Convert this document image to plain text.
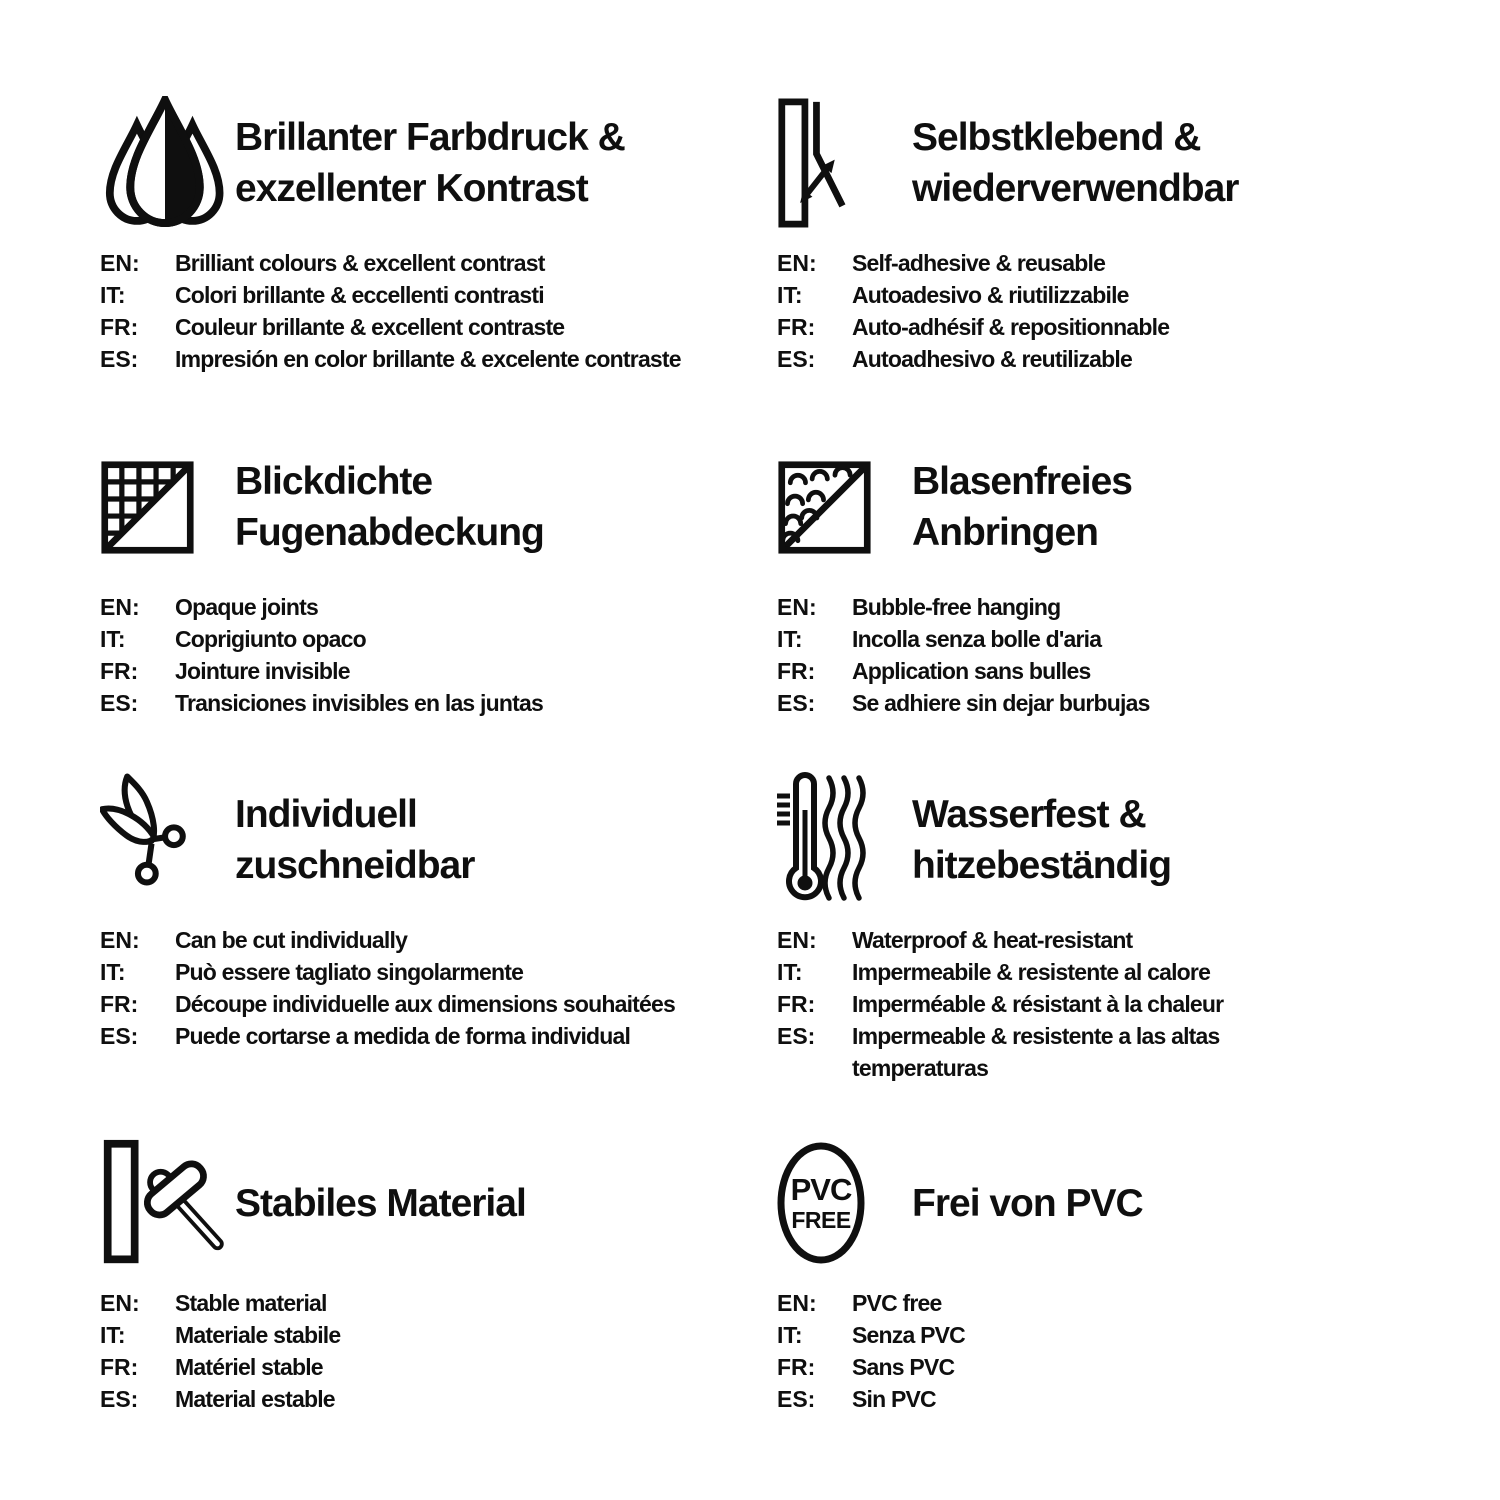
Brillanter Farbdruck &
exzellenter Kontrast
EN:	Brilliant colours & excellent contrast
IT:	Colori brillante & eccellenti contrasti
FR:	Couleur brillante & excellent contraste
ES:	Impresión en color brillante & excelente contraste
Selbstklebend &
wiederverwendbar
EN:	Self-adhesive & reusable
IT:	Autoadesivo & riutilizzabile
FR:	Auto-adhésif & repositionnable
ES:	Autoadhesivo & reutilizable
Blickdichte
Fugenabdeckung
EN:	Opaque joints
IT:	Coprigiunto opaco
FR:	Jointure invisible
ES:	Transiciones invisibles en las juntas
Blasenfreies
Anbringen
EN:	Bubble-free hanging
IT:	Incolla senza bolle d'aria
FR:	Application sans bulles
ES:	Se adhiere sin dejar burbujas
Individuell
zuschneidbar
EN:	Can be cut individually
IT:	Può essere tagliato singolarmente
FR:	Découpe individuelle aux dimensions souhaitées
ES:	Puede cortarse a medida de forma individual
Wasserfest &
hitzebeständig
EN:	Waterproof & heat-resistant
IT:	Impermeabile & resistente al calore
FR:	Imperméable & résistant à la chaleur
ES:	Impermeable & resistente a las altas
temperaturas
Stabiles Material
EN:	Stable material
IT:	Materiale stabile
FR:	Matériel stable
ES:	Material estable
PVC
FREE Frei von PVC
EN:	PVC free
IT:	Senza PVC
FR:	Sans PVC
ES:	Sin PVC
